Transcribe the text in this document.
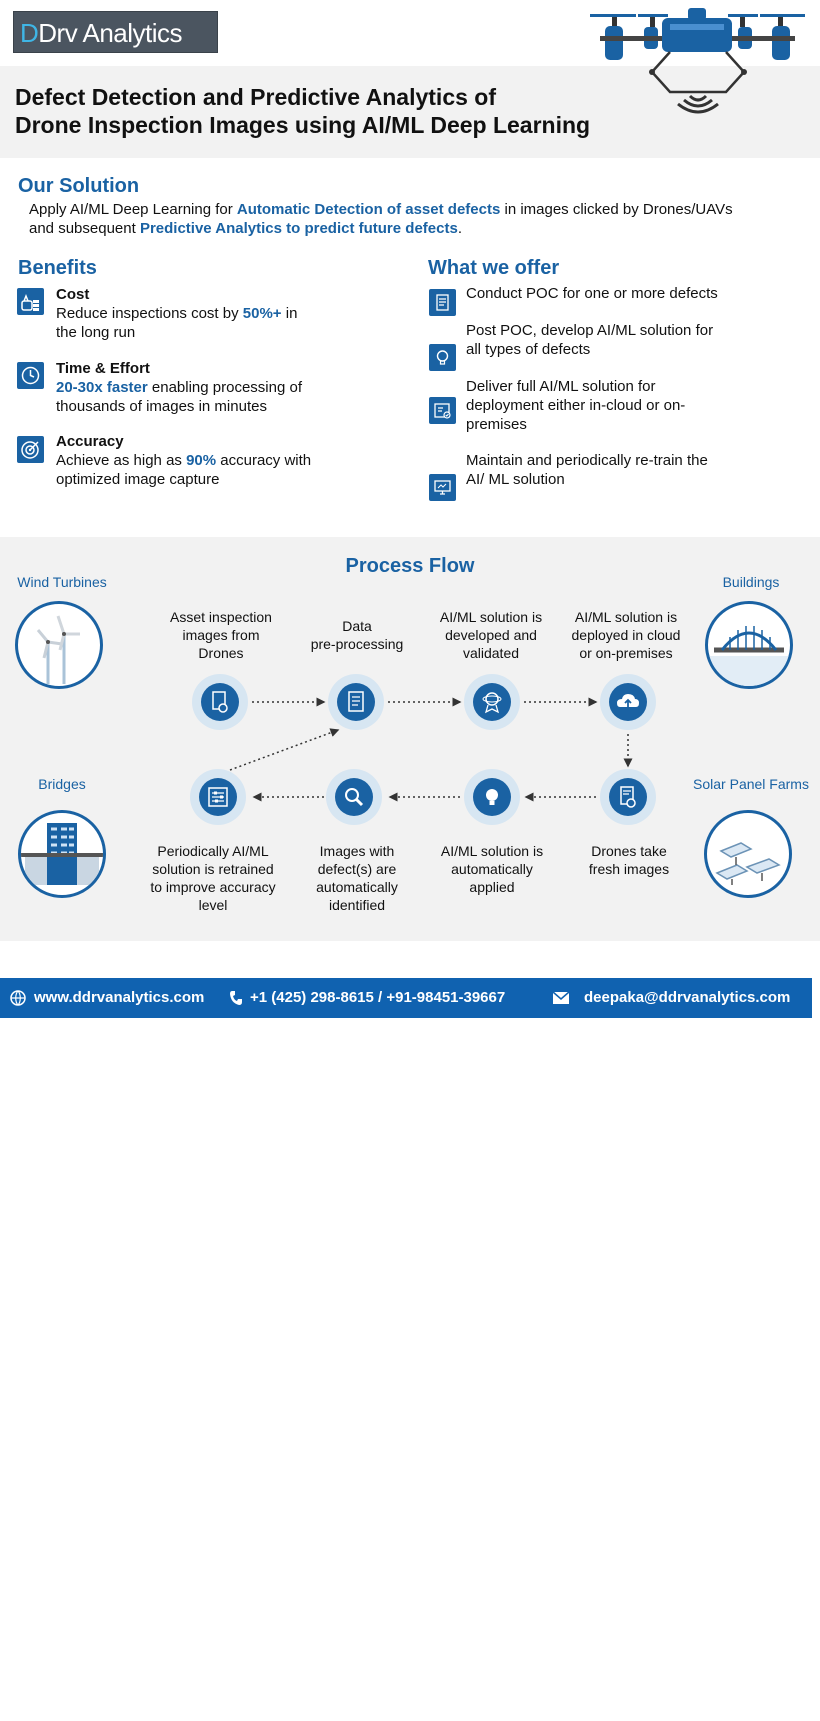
DDrv Analytics
Defect Detection and Predictive Analytics of
Drone Inspection Images using AI/ML Deep Learning
Our Solution
Apply AI/ML Deep Learning for Automatic Detection of asset defects in images clicked by Drones/UAVs
and subsequent Predictive Analytics to predict future defects.
Benefits
Cost
Reduce inspections cost by 50%+ in
the long run
Time & Effort
20-30x faster enabling processing of
thousands of images in minutes
Accuracy
Achieve as high as 90% accuracy with
optimized image capture
What we offer
Conduct POC for one or more defects
Post POC, develop AI/ML solution for
all types of defects
Deliver full AI/ML solution for
deployment either in-cloud or on-
premises
Maintain and periodically re-train the
AI/ ML solution
Process Flow
Wind Turbines	Buildings
Bridges	Solar Panel Farms
Asset inspection
images from
Drones
Data
pre-processing
AI/ML solution is
developed and
validated
AI/ML solution is
deployed in cloud
or on-premises
Periodically AI/ML
solution is retrained
to improve accuracy
level
Images with
defect(s) are
automatically
identified
AI/ML solution is
automatically
applied
Drones take
fresh images
www.ddrvanalytics.com	+1 (425) 298-8615 / +91-98451-39667	deepaka@ddrvanalytics.com
